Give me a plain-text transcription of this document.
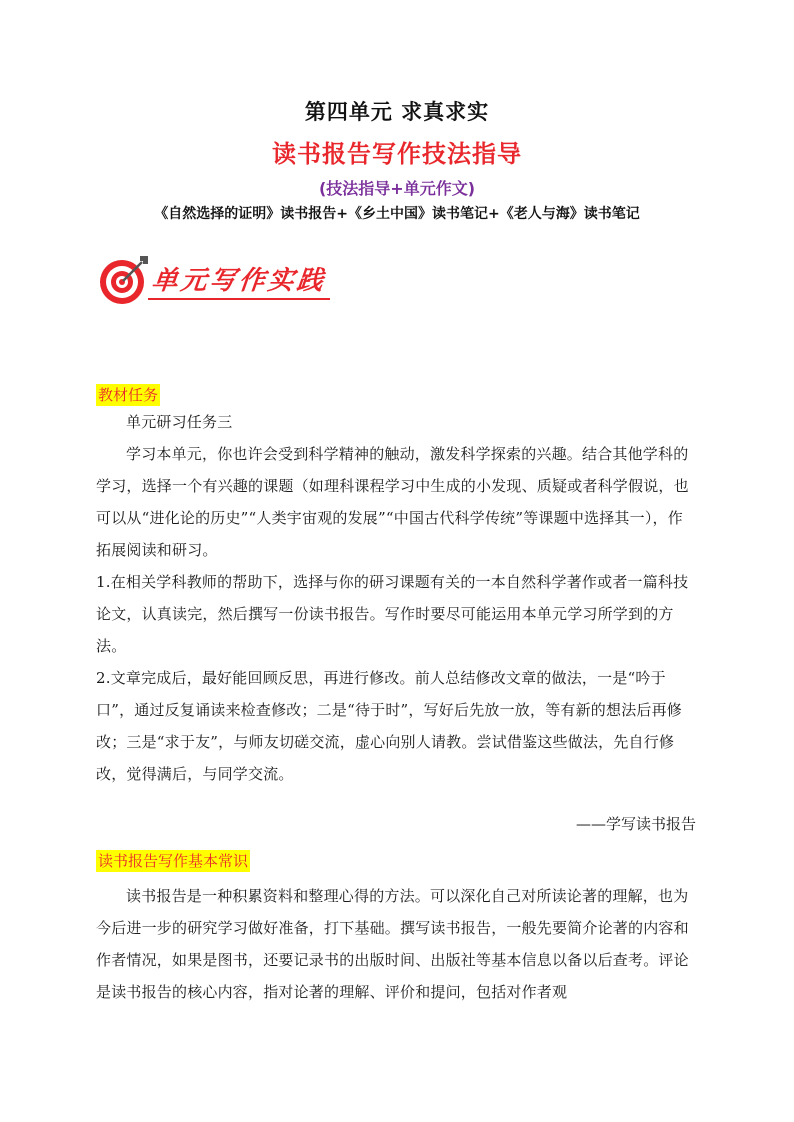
第四单元 求真求实
读书报告写作技法指导
(技法指导+单元作文)
《自然选择的证明》读书报告+《乡土中国》读书笔记+《老人与海》读书笔记
单元写作实践
教材任务
单元研习任务三
学习本单元，你也许会受到科学精神的触动，激发科学探索的兴趣。结合其他学科的学习，选择一个有兴趣的课题（如理科课程学习中生成的小发现、质疑或者科学假说，也可以从“进化论的历史”“人类宇宙观的发展”“中国古代科学传统”等课题中选择其一），作拓展阅读和研习。
1.在相关学科教师的帮助下，选择与你的研习课题有关的一本自然科学著作或者一篇科技论文，认真读完，然后撰写一份读书报告。写作时要尽可能运用本单元学习所学到的方法。
2.文章完成后，最好能回顾反思，再进行修改。前人总结修改文章的做法，一是“吟于口”，通过反复诵读来检查修改；二是“待于时”，写好后先放一放，等有新的想法后再修改；三是“求于友”，与师友切磋交流，虚心向别人请教。尝试借鉴这些做法，先自行修改，觉得满后，与同学交流。
——学写读书报告
读书报告写作基本常识
读书报告是一种积累资料和整理心得的方法。可以深化自己对所读论著的理解，也为今后进一步的研究学习做好准备，打下基础。撰写读书报告，一般先要简介论著的内容和作者情况，如果是图书，还要记录书的出版时间、出版社等基本信息以备以后查考。评论是读书报告的核心内容，指对论著的理解、评价和提问，包括对作者观
